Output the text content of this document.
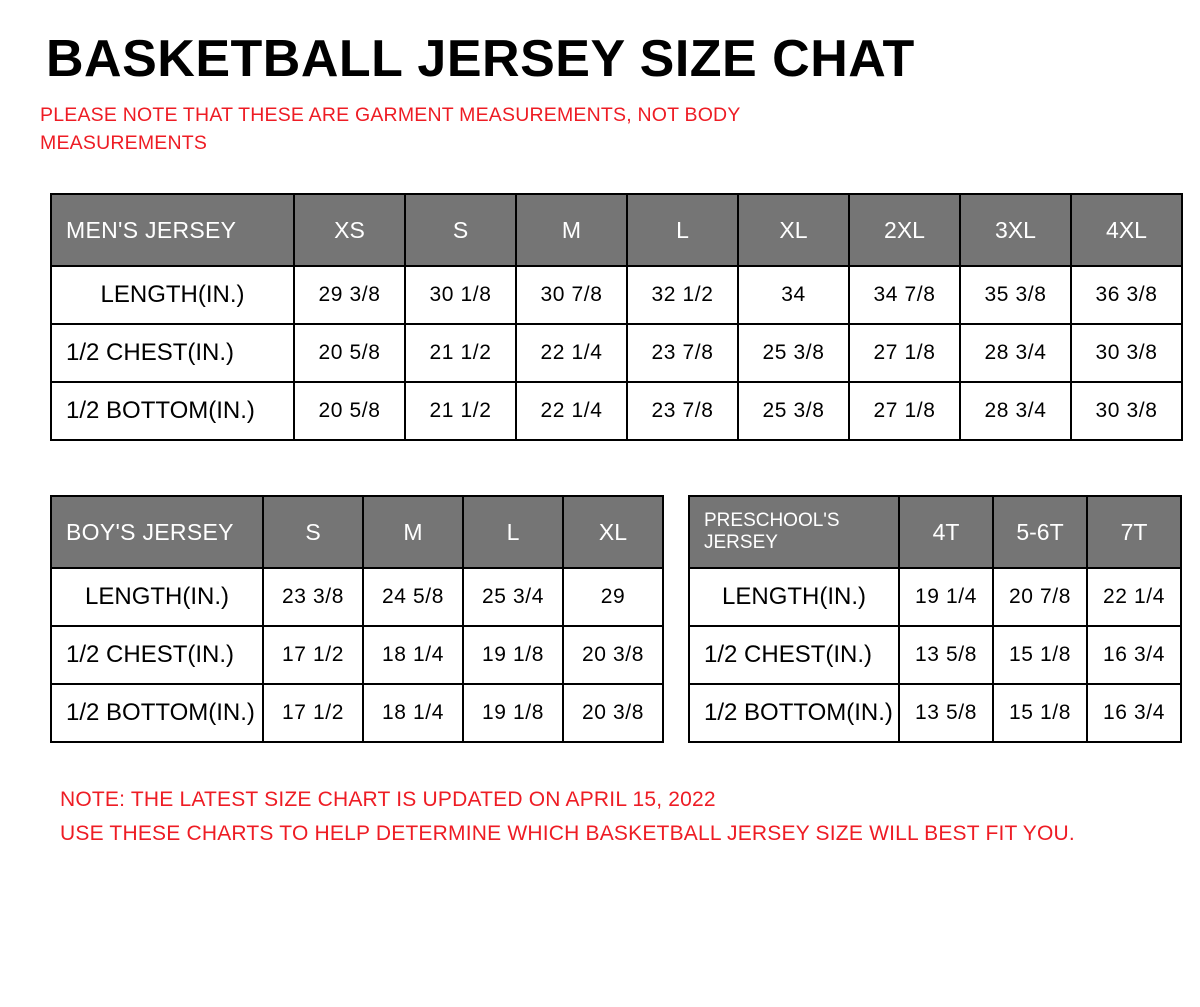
BASKETBALL JERSEY SIZE CHAT
PLEASE NOTE THAT THESE ARE GARMENT MEASUREMENTS, NOT BODY MEASUREMENTS
MEN'S JERSEY	XS	S	M	L	XL	2XL	3XL	4XL
LENGTH(IN.)	29 3/8	30 1/8	30 7/8	32 1/2	34	34 7/8	35 3/8	36 3/8
1/2 CHEST(IN.)	20 5/8	21 1/2	22 1/4	23 7/8	25 3/8	27 1/8	28 3/4	30 3/8
1/2 BOTTOM(IN.)	20 5/8	21 1/2	22 1/4	23 7/8	25 3/8	27 1/8	28 3/4	30 3/8
BOY'S JERSEY	S	M	L	XL
LENGTH(IN.)	23 3/8	24 5/8	25 3/4	29
1/2 CHEST(IN.)	17 1/2	18 1/4	19 1/8	20 3/8
1/2 BOTTOM(IN.)	17 1/2	18 1/4	19 1/8	20 3/8
PRESCHOOL'S JERSEY	4T	5-6T	7T
LENGTH(IN.)	19 1/4	20 7/8	22 1/4
1/2 CHEST(IN.)	13 5/8	15 1/8	16 3/4
1/2 BOTTOM(IN.)	13 5/8	15 1/8	16 3/4
NOTE: THE LATEST SIZE CHART IS UPDATED ON APRIL 15, 2022
USE THESE CHARTS TO HELP DETERMINE WHICH BASKETBALL JERSEY SIZE WILL BEST FIT YOU.
